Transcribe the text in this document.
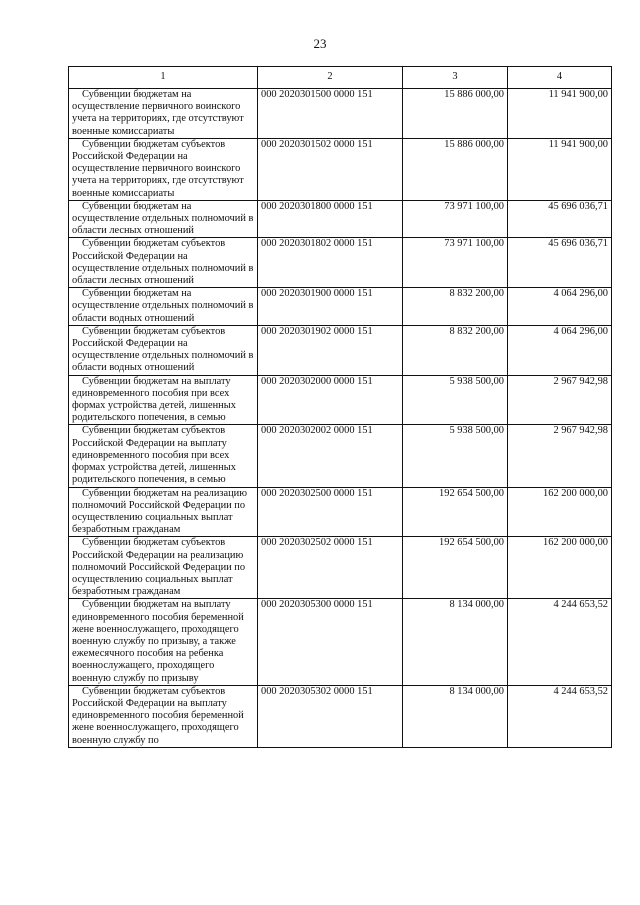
23
1	2	3	4
Субвенции бюджетам на осуществление первичного воинского учета на территориях, где отсутствуют военные комиссариаты	000 2020301500 0000 151	15 886 000,00	11 941 900,00
Субвенции бюджетам субъектов Российской Федерации на осуществление первичного воинского учета на территориях, где отсутствуют военные комиссариаты	000 2020301502 0000 151	15 886 000,00	11 941 900,00
Субвенции бюджетам на осуществление отдельных полномочий в области лесных отношений	000 2020301800 0000 151	73 971 100,00	45 696 036,71
Субвенции бюджетам субъектов Российской Федерации на осуществление отдельных полномочий в области лесных отношений	000 2020301802 0000 151	73 971 100,00	45 696 036,71
Субвенции бюджетам на осуществление отдельных полномочий в области водных отношений	000 2020301900 0000 151	8 832 200,00	4 064 296,00
Субвенции бюджетам субъектов Российской Федерации на осуществление отдельных полномочий в области водных отношений	000 2020301902 0000 151	8 832 200,00	4 064 296,00
Субвенции бюджетам на выплату единовременного пособия при всех формах устройства детей, лишенных родительского попечения, в семью	000 2020302000 0000 151	5 938 500,00	2 967 942,98
Субвенции бюджетам субъектов Российской Федерации на выплату единовременного пособия при всех формах устройства детей, лишенных родительского попечения, в семью	000 2020302002 0000 151	5 938 500,00	2 967 942,98
Субвенции бюджетам на реализацию полномочий Российской Федерации по осуществлению социальных выплат безработным гражданам	000 2020302500 0000 151	192 654 500,00	162 200 000,00
Субвенции бюджетам субъектов Российской Федерации на реализацию полномочий Российской Федерации по осуществлению социальных выплат безработным гражданам	000 2020302502 0000 151	192 654 500,00	162 200 000,00
Субвенции бюджетам на выплату единовременного пособия беременной жене военнослужащего, проходящего военную службу по призыву, а также ежемесячного пособия на ребенка военнослужащего, проходящего военную службу по призыву	000 2020305300 0000 151	8 134 000,00	4 244 653,52
Субвенции бюджетам субъектов Российской Федерации на выплату единовременного пособия беременной жене военнослужащего, проходящего военную службу по	000 2020305302 0000 151	8 134 000,00	4 244 653,52
